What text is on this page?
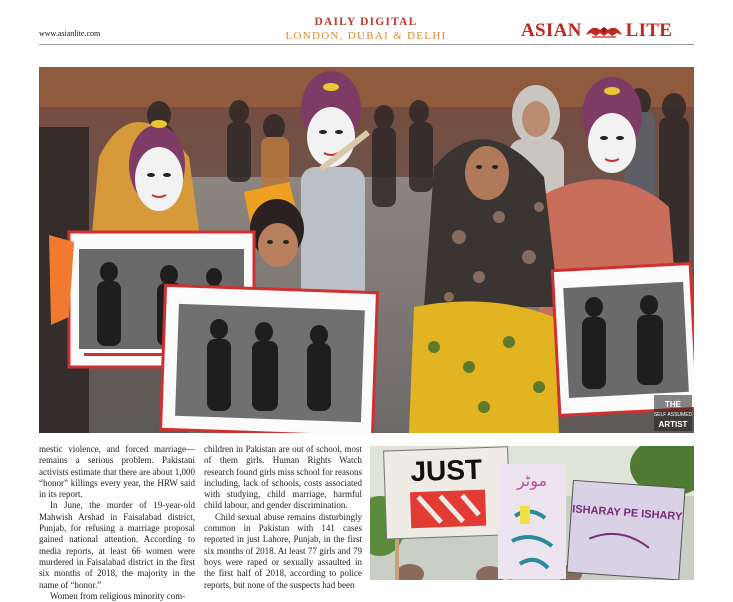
www.asianlite.com
DAILY DIGITAL
LONDON, DUBAI & DELHI	ASIAN LITE
THE
SELF ASSUMED
ARTIST

mestic violence, and forced marriage—remains a serious problem. Pakistani activists estimate that there are about 1,000 “honor” killings every year, the HRW said in its report.

In June, the murder of 19-year-old Mahwish Arshad in Faisalabad district, Punjab, for refusing a marriage proposal gained national attention. According to media reports, at least 66 women were murdered in Faisalabad district in the first six months of 2018, the majority in the name of “honor.”

Women from religious minority com-

children in Pakistan are out of school, most of them girls. Human Rights Watch research found girls miss school for reasons including, lack of schools, costs associated with studying, child marriage, harmful child labour, and gender discrimination.

Child sexual abuse remains disturbingly common in Pakistan with 141 cases reported in just Lahore, Punjab, in the first six months of 2018. At least 77 girls and 79 boys were raped or sexually assaulted in the first half of 2018, according to police reports, but none of the suspects had been

JUST موٹر
ISHARAY PE ISHARY
